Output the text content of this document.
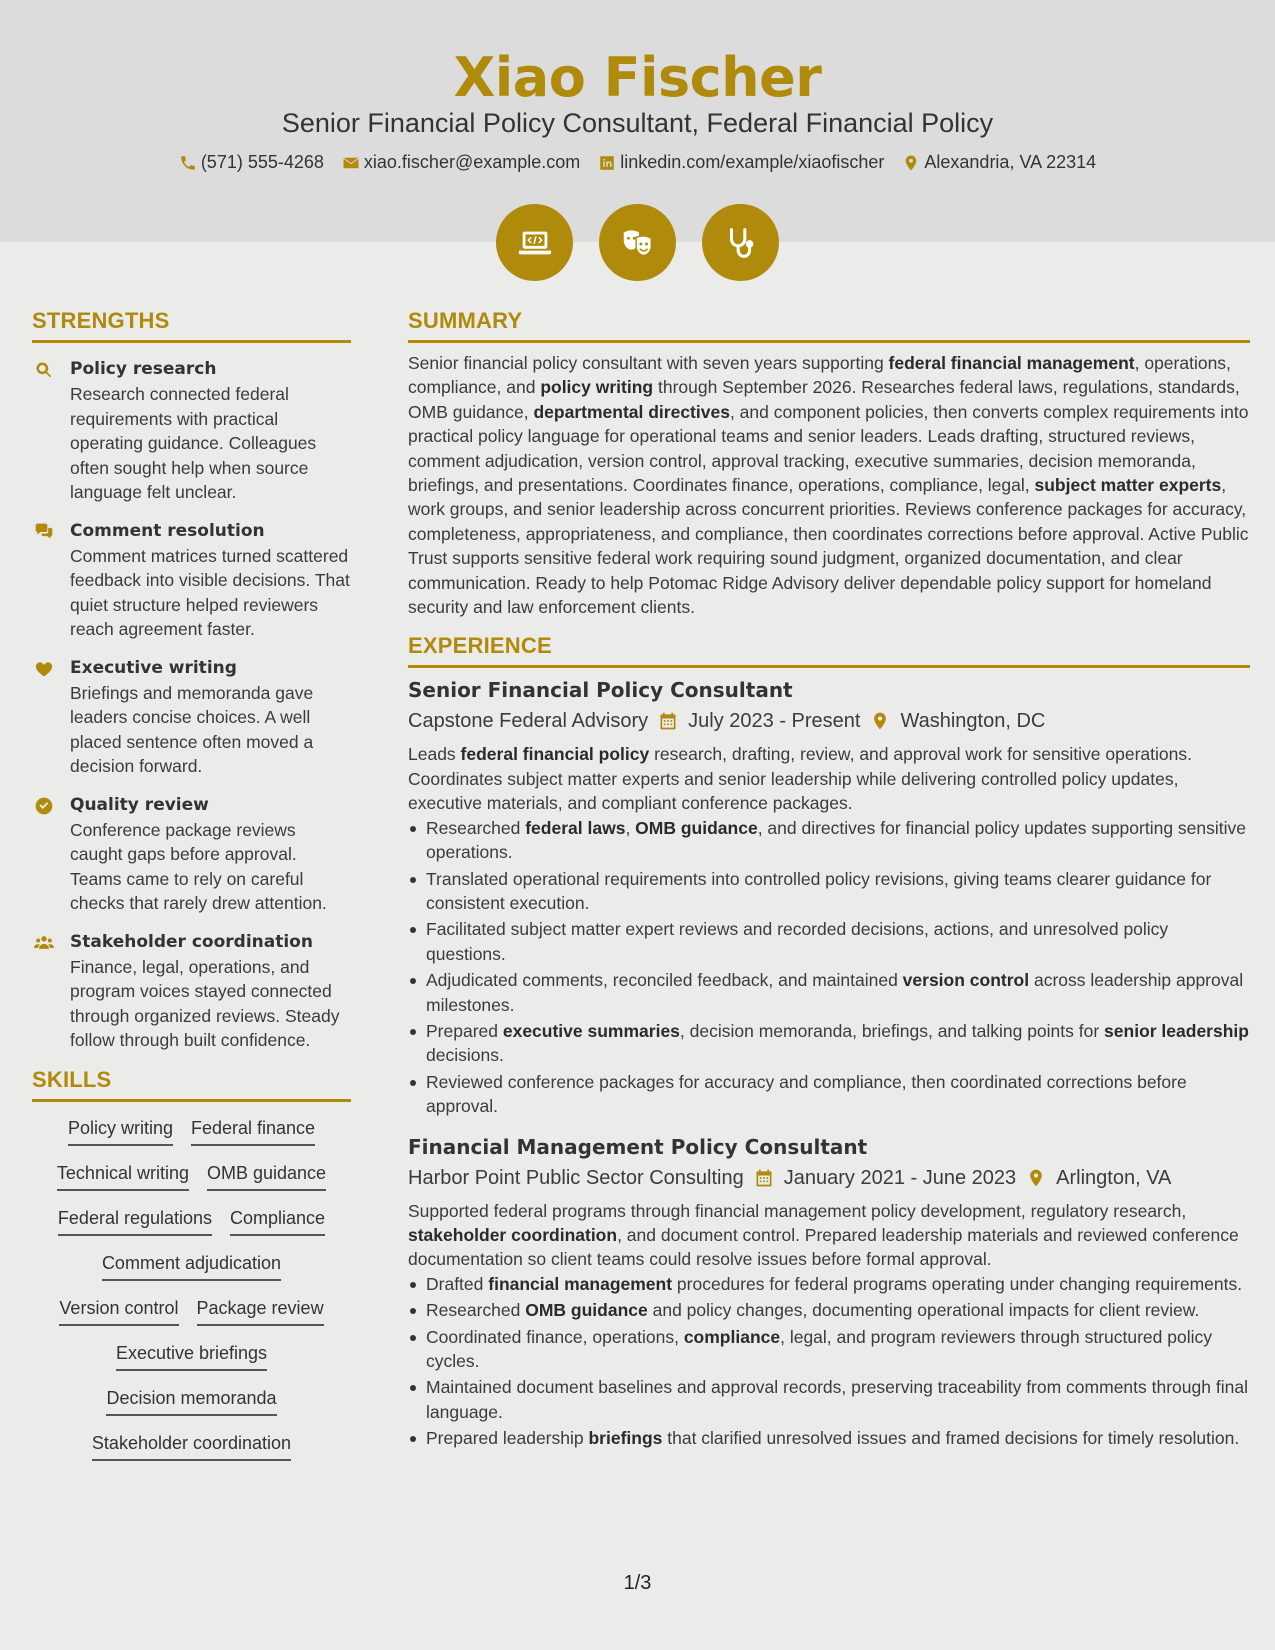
Xiao Fischer
Senior Financial Policy Consultant, Federal Financial Policy
(571) 555-4268 xiao.fischer@example.com linkedin.com/example/xiaofischer Alexandria, VA 22314
STRENGTHS
Policy research
Research connected federal requirements with practical operating guidance. Colleagues often sought help when source language felt unclear.
Comment resolution
Comment matrices turned scattered feedback into visible decisions. That quiet structure helped reviewers reach agreement faster.
Executive writing
Briefings and memoranda gave leaders concise choices. A well placed sentence often moved a decision forward.
Quality review
Conference package reviews caught gaps before approval. Teams came to rely on careful checks that rarely drew attention.
Stakeholder coordination
Finance, legal, operations, and program voices stayed connected through organized reviews. Steady follow through built confidence.
SKILLS
Policy writing Federal finance
Technical writing OMB guidance
Federal regulations Compliance
Comment adjudication
Version control Package review
Executive briefings
Decision memoranda
Stakeholder coordination
SUMMARY
Senior financial policy consultant with seven years supporting federal financial management, operations, compliance, and policy writing through September 2026. Researches federal laws, regulations, standards, OMB guidance, departmental directives, and component policies, then converts complex requirements into practical policy language for operational teams and senior leaders. Leads drafting, structured reviews, comment adjudication, version control, approval tracking, executive summaries, decision memoranda, briefings, and presentations. Coordinates finance, operations, compliance, legal, subject matter experts, work groups, and senior leadership across concurrent priorities. Reviews conference packages for accuracy, completeness, appropriateness, and compliance, then coordinates corrections before approval. Active Public Trust supports sensitive federal work requiring sound judgment, organized documentation, and clear communication. Ready to help Potomac Ridge Advisory deliver dependable policy support for homeland security and law enforcement clients.
EXPERIENCE
Senior Financial Policy Consultant
Capstone Federal Advisory July 2023 - Present Washington, DC
Leads federal financial policy research, drafting, review, and approval work for sensitive operations. Coordinates subject matter experts and senior leadership while delivering controlled policy updates, executive materials, and compliant conference packages.
Researched federal laws, OMB guidance, and directives for financial policy updates supporting sensitive operations.
Translated operational requirements into controlled policy revisions, giving teams clearer guidance for consistent execution.
Facilitated subject matter expert reviews and recorded decisions, actions, and unresolved policy questions.
Adjudicated comments, reconciled feedback, and maintained version control across leadership approval milestones.
Prepared executive summaries, decision memoranda, briefings, and talking points for senior leadership decisions.
Reviewed conference packages for accuracy and compliance, then coordinated corrections before approval.
Financial Management Policy Consultant
Harbor Point Public Sector Consulting January 2021 - June 2023 Arlington, VA
Supported federal programs through financial management policy development, regulatory research, stakeholder coordination, and document control. Prepared leadership materials and reviewed conference documentation so client teams could resolve issues before formal approval.
Drafted financial management procedures for federal programs operating under changing requirements.
Researched OMB guidance and policy changes, documenting operational impacts for client review.
Coordinated finance, operations, compliance, legal, and program reviewers through structured policy cycles.
Maintained document baselines and approval records, preserving traceability from comments through final language.
Prepared leadership briefings that clarified unresolved issues and framed decisions for timely resolution.
1/3
